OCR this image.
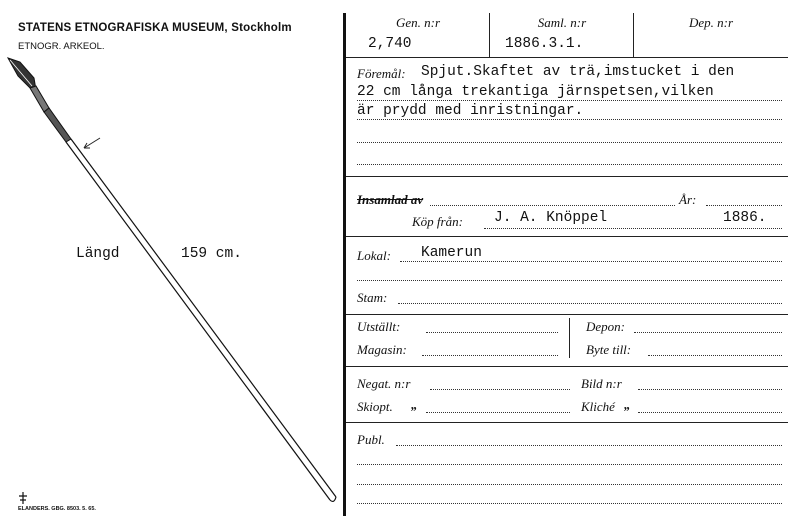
STATENS ETNOGRAFISKA MUSEUM, Stockholm
ETNOGR. ARKEOL.
Längd	159 cm.
ELANDERS. GBG. 8503. 5. 65.
Gen. n:r	Saml. n:r	Dep. n:r
2,740	1886.3.1.
Föremål: Spjut.Skaftet av trä,imstucket i den
22 cm långa trekantiga järnspetsen,vilken
är prydd med inristningar.
Insamlad av	År:
Köp från: J. A. Knöppel	1886.
Lokal: Kamerun
Stam:
Utställt:	Depon:
Magasin:	Byte till:
Negat. n:r	Bild n:r
Skiopt. „	Kliché „
Publ.
